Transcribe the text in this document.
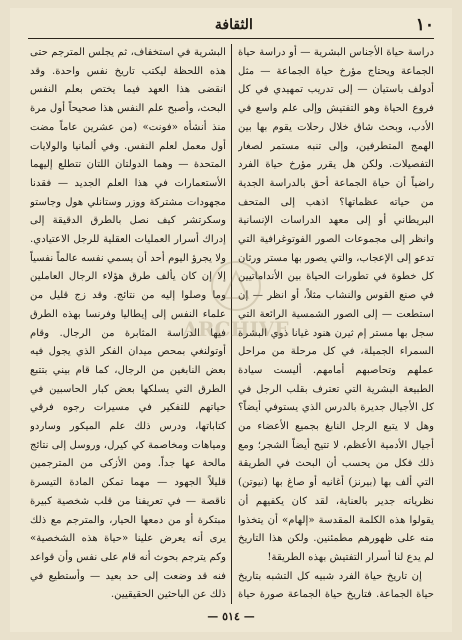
١٠
الثقافة

دراسة حياة الأجناس البشرية — أو دراسة حياة الجماعة ويحتاج مؤرخ حياة الجماعة — مثل أدولف باستيان — إلى تدريب تمهيدي في كل فروع الحياة وهو التفتيش وإلى علم واسع في الأدب، وبحث شاق خلال رحلات يقوم بها بين الهمج المتطرفين، وإلى تنبه مستمر لصغار التفصيلات. ولكن هل يقرر مؤرخ حياة الفرد راضياً أن حياة الجماعة أحق بالدراسة الجدية من حياته عظماتها؟ اذهب إلى المتحف البريطاني أو إلى معهد الدراسات الإنسانية وانظر إلى مجموعات الصور الفوتوغرافية التي تدعو إلى الإعجاب، والتي يصور بها مستر ورثان كل خطوة في تطورات الحياة بين الأنداماتيين في صنع القوس والنشاب مثلاً، أو انظر — إن استطعت — إلى الصور الشمسية الرائعة التي سجل بها مستر إم ثيرن هنود غيانا ذوي البشرة السمراء الجميلة، في كل مرحلة من مراحل عملهم وتحاصبهم أمامهم. أليست سيادة الطبيعة البشرية التي تعترف بقلب الرجل في كل الأجيال جديرة بالدرس الذي يستوفي أيضاً؟ وهل لا يتبع الرجل النابغ بجميع الأعضاء من أجيال الأدمية الأعظم، لا تتيح أيضاً الشجر؛ ومع ذلك فكل من يحسب أن البحث في الطريقة التي ألف بها (بيرنز) أغانيه أو صاغ بها (نيوتن) نظرياته جدير بالعناية، لقد كان يكفيهم أن يقولوا هذه الكلمة المقدسة «إلهام» أن يتخذوا منه على ظهورهم مطمئنين. ولكن هذا التاريخ لم يدع لنا أسرار التفتيش بهذه الطريقة!

إن تاريخ حياة الفرد شبيه كل التشبه بتاريخ حياة الجماعة. فتاريخ حياة الجماعة صورة حياة

البشرية في استخفاف، ثم يجلس المترجم حتى هذه اللحظة ليكتب تاريخ نفس واحدة. وقد انقضى هذا العهد فيما يختص بعلم النفس البحث، وأصبح علم النفس هذا صحيحاً أول مرة منذ أنشأه «فونت» (من عشرين عاماً مضت أول معمل لعلم النفس. وفي ألمانيا والولايات المتحدة — وهما الدولتان اللتان تتطلع إليهما الأستعمارات في هذا العلم الجديد — فقدنا مجهودات مشتركة ووزر وستانلي هول وجاستو وسكرتشر كيف نصل بالطرق الدقيقة إلى إدراك أسرار العمليات العقلية للرجل الاعتيادي. ولا يجرؤ اليوم أحد أن يسمي نفسه عالماً نفسياً إلا إن كان يألف طرق هؤلاء الرجال العاملين وما وصلوا إليه من نتائج. وقد زج قليل من علماء النفس إلى إيطاليا وفرنسا بهذه الطرق فيها الدراسة المثابرة من الرجال. وقام أوتولنغي بمحص ميدان الفكر الذي يجول فيه بعض النابغين من الرجال، كما قام بيني بتتبع الطرق التي يسلكها بعض كبار الحاسبين في حياتهم للتفكير في مسيرات رجوه فرقي كتاباتها، ودرس ذلك علم الميكور وساردو ومياهات ومخاصمة كي كيرل، وروسل إلى نتائج مالحة عها جداً. ومن الأزكى من المترجمين قليلاً الجهود — مهما تمكن المادة التيسرة ناقصة — في تعريفنا من قلب شخصية كبيرة مبتكرة أو من دمعها الحيار، والمترجم مع ذلك يرى أنه يعرض علينا «حياة هذه الشخصية» وكم يترجم بحوث أنه قام على نفس وأن قواعد فنه قد وضعت إلى حد بعيد — وأستطيع في ذلك عن الباحثين الحقيقيين.

ARCHIVE
— ٥١٤ —
